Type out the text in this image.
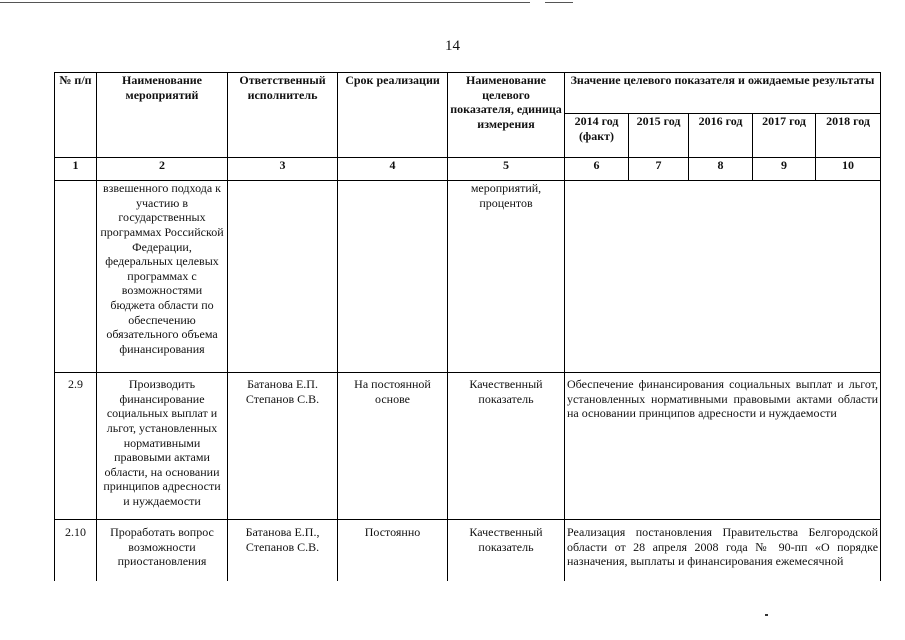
14
№ п/п	Наименование мероприятий	Ответственный исполнитель	Срок реализации	Наименование целевого показателя, единица измерения	Значение целевого показателя и ожидаемые результаты				
					2014 год (факт)	2015 год	2016 год	2017 год	2018 год
1	2	3	4	5	6	7	8	9	10
	взвешенного подхода к участию в государственных программах Российской Федерации, федеральных целевых программах с возможностями бюджета области по обеспечению обязательного объема финансирования			мероприятий, процентов					
2.9	Производить финансирование социальных выплат и льгот, установленных нормативными правовыми актами области, на основании принципов адресности и нуждаемости	Батанова Е.П. Степанов С.В.	На постоянной основе	Качественный показатель	Обеспечение финансирования социальных выплат и льгот, установленных нормативными правовыми актами области на основании принципов адресности и нуждаемости				
2.10	Проработать вопрос возможности приостановления	Батанова Е.П., Степанов С.В.	Постоянно	Качественный показатель	Реализация постановления Правительства Белгородской области от 28 апреля 2008 года № 90-пп «О порядке назначения, выплаты и финансирования ежемесячной				
